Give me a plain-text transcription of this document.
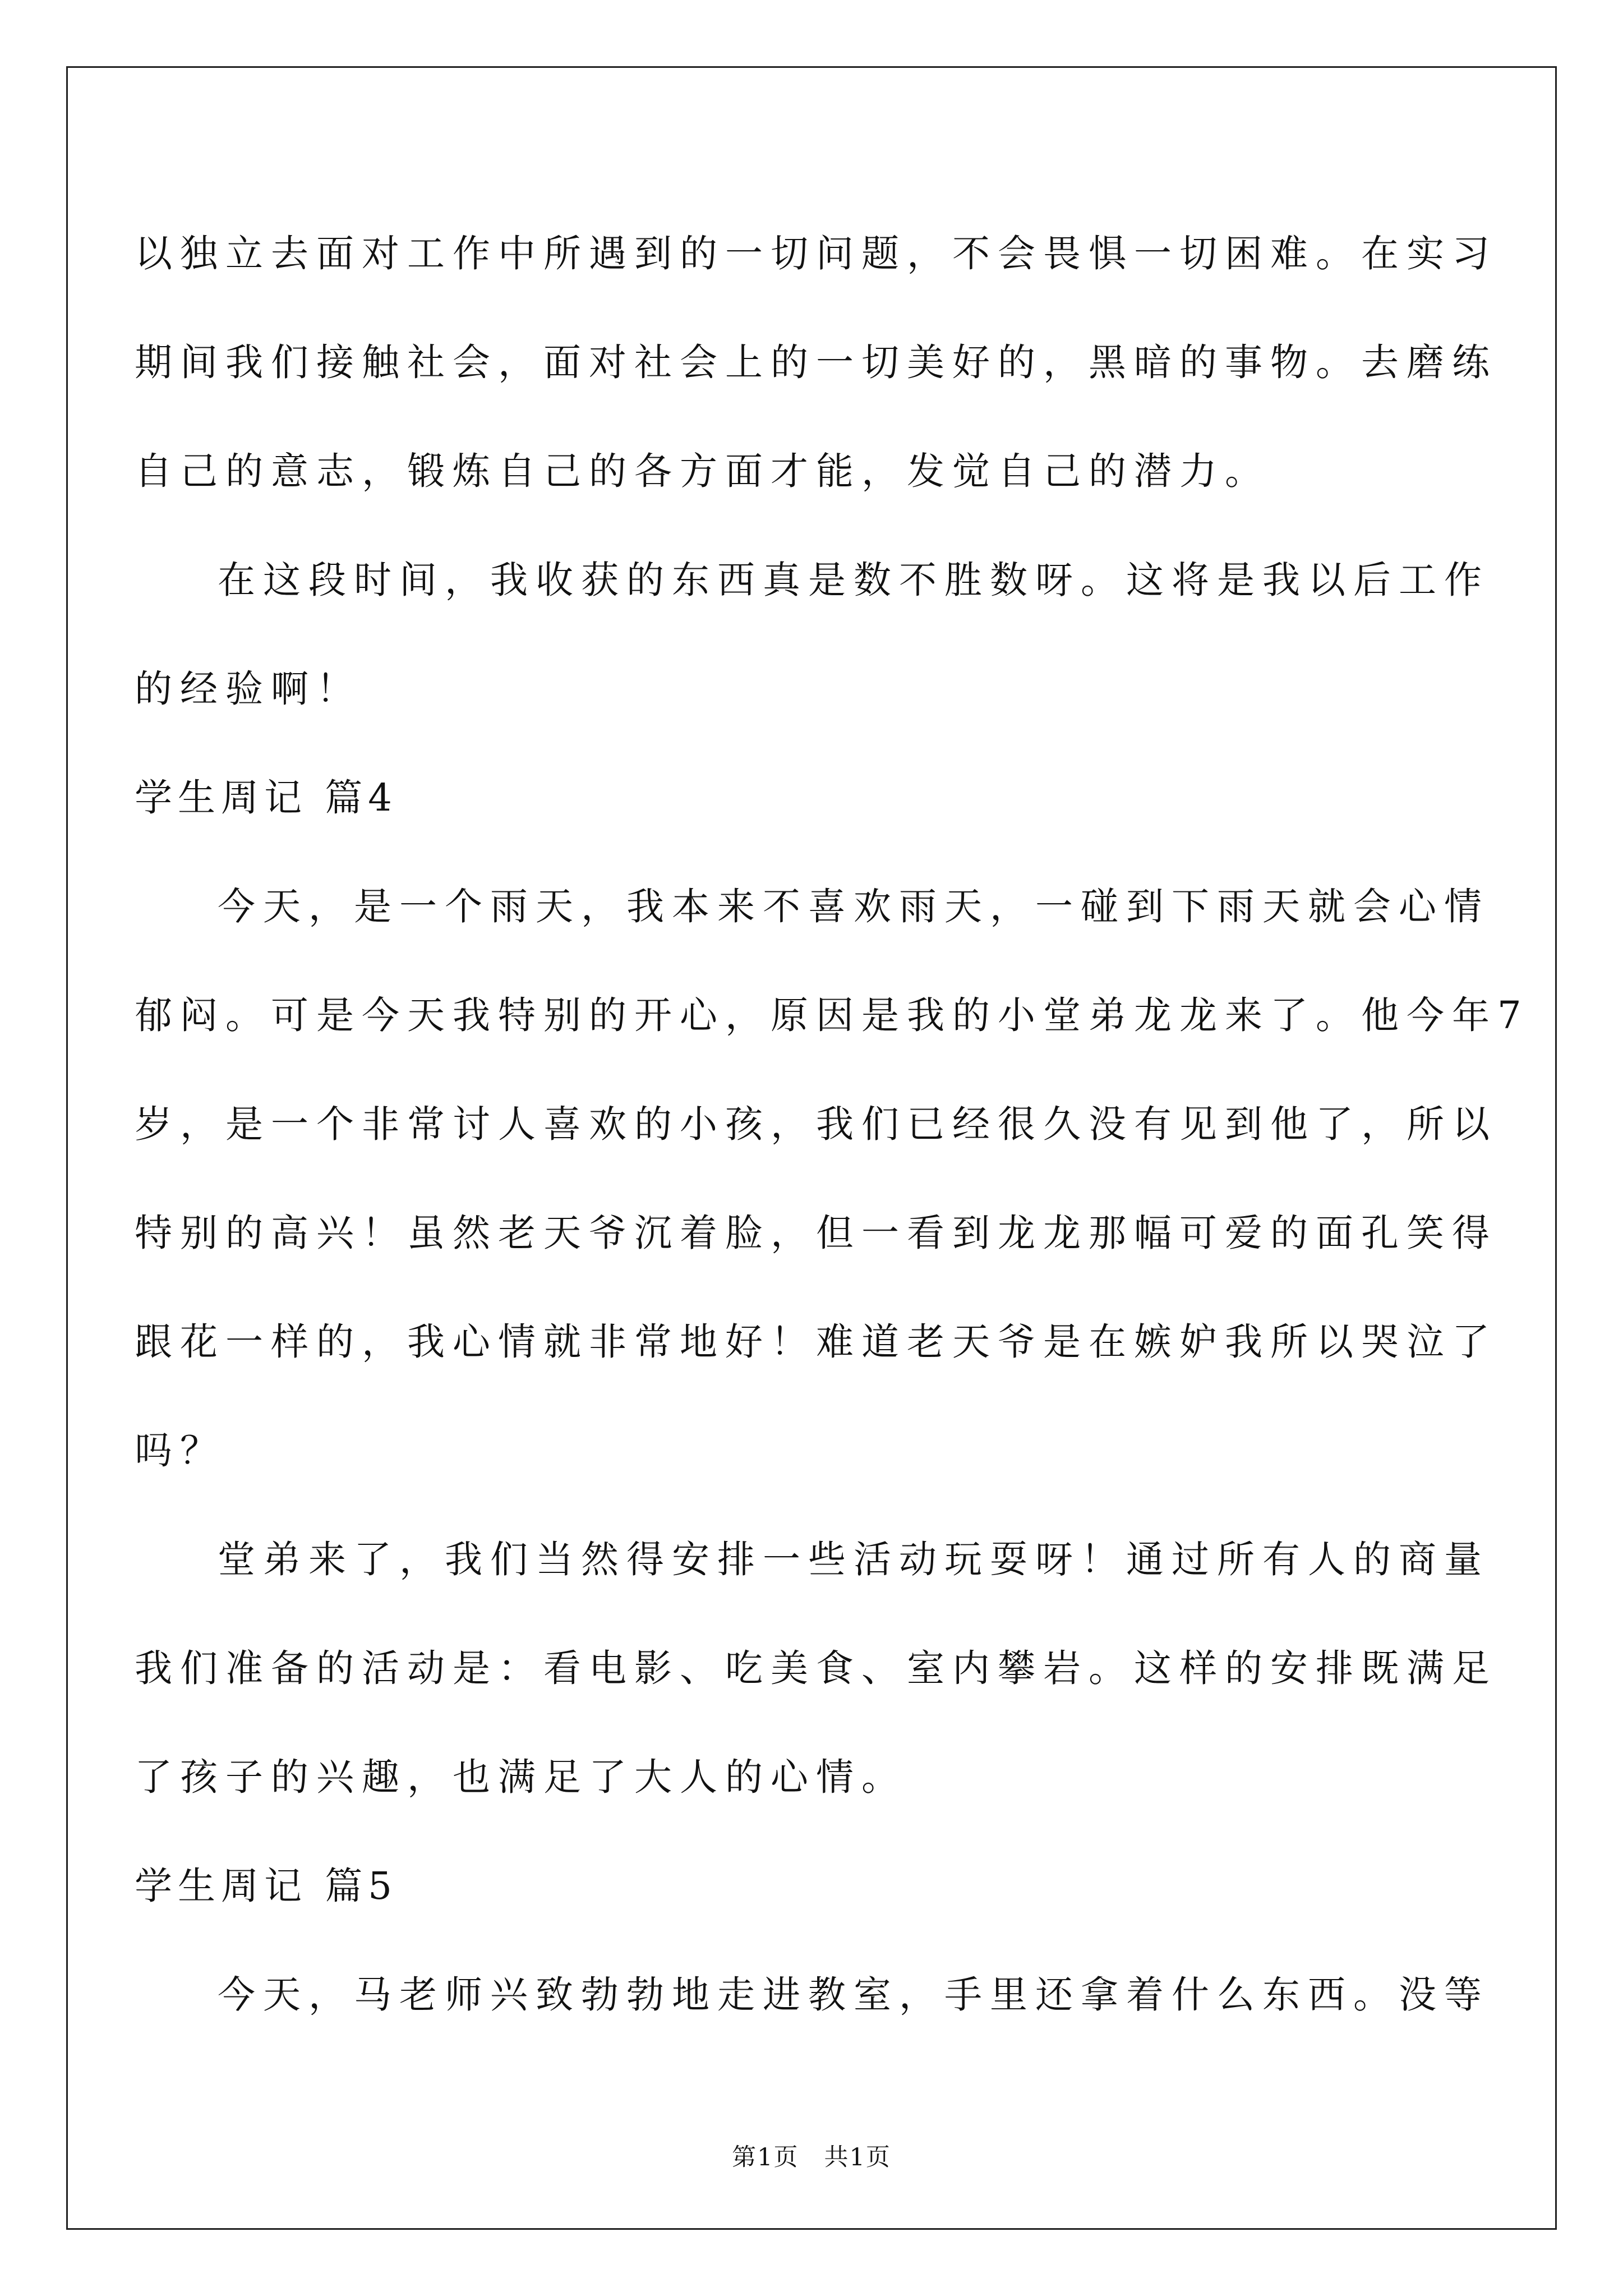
以独立去面对工作中所遇到的一切问题，不会畏惧一切困难。在实习
期间我们接触社会，面对社会上的一切美好的，黑暗的事物。去磨练
自己的意志，锻炼自己的各方面才能，发觉自己的潜力。
在这段时间，我收获的东西真是数不胜数呀。这将是我以后工作
的经验啊！
学生周记 篇4
今天，是一个雨天，我本来不喜欢雨天，一碰到下雨天就会心情
郁闷。可是今天我特别的开心，原因是我的小堂弟龙龙来了。他今年7
岁，是一个非常讨人喜欢的小孩，我们已经很久没有见到他了，所以
特别的高兴！虽然老天爷沉着脸，但一看到龙龙那幅可爱的面孔笑得
跟花一样的，我心情就非常地好！难道老天爷是在嫉妒我所以哭泣了
吗？
堂弟来了，我们当然得安排一些活动玩耍呀！通过所有人的商量
我们准备的活动是：看电影、吃美食、室内攀岩。这样的安排既满足
了孩子的兴趣，也满足了大人的心情。
学生周记 篇5
今天，马老师兴致勃勃地走进教室，手里还拿着什么东西。没等
第1页　共1页
